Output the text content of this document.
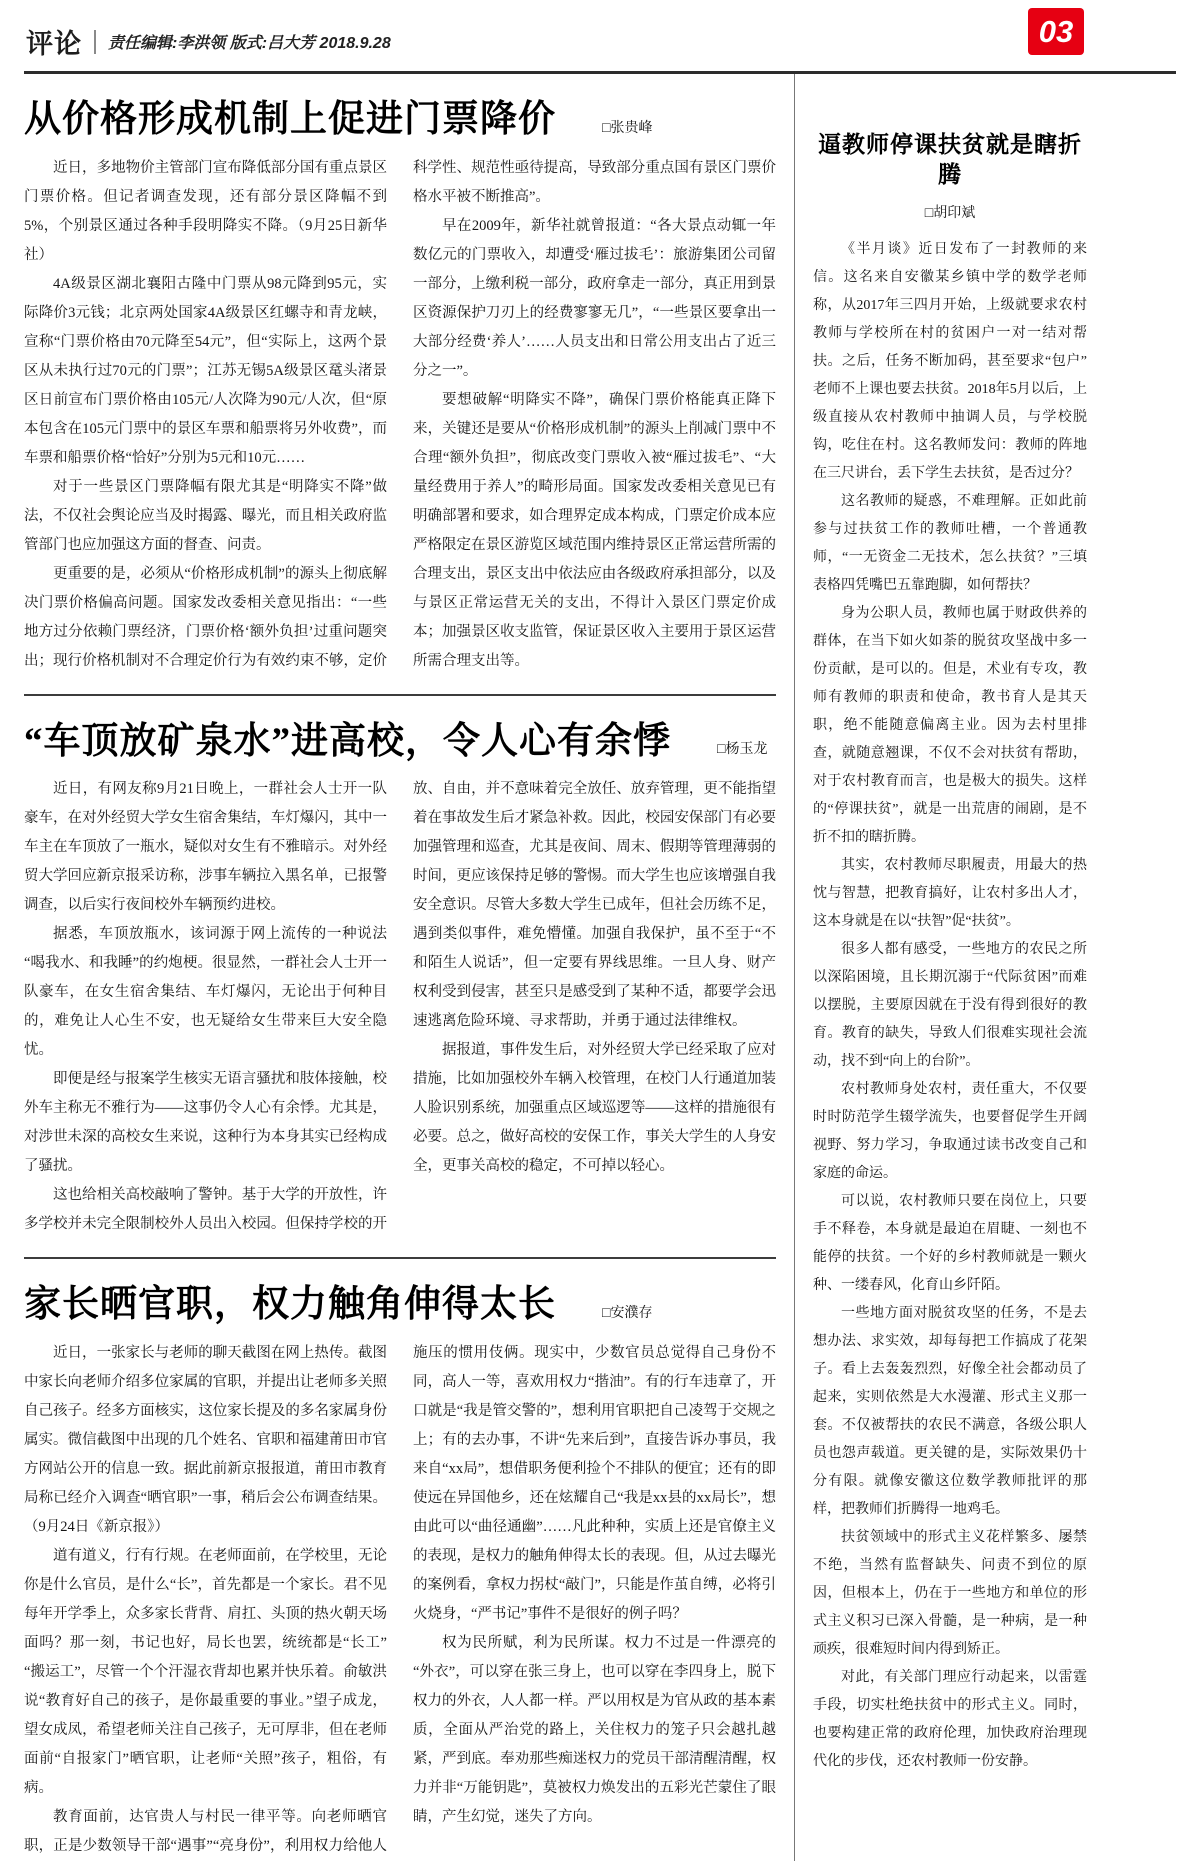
评论 责任编辑:李洪领 版式:吕大芳 2018.9.28
从价格形成机制上促进门票降价	□张贵峰

近日，多地物价主管部门宣布降低部分国有重点景区门票价格。但记者调查发现，还有部分景区降幅不到5%，个别景区通过各种手段明降实不降。（9月25日新华社）

4A级景区湖北襄阳古隆中门票从98元降到95元，实际降价3元钱；北京两处国家4A级景区红螺寺和青龙峡，宣称“门票价格由70元降至54元”，但“实际上，这两个景区从未执行过70元的门票”；江苏无锡5A级景区鼋头渚景区日前宣布门票价格由105元/人次降为90元/人次，但“原本包含在105元门票中的景区车票和船票将另外收费”，而车票和船票价格“恰好”分别为5元和10元……

对于一些景区门票降幅有限尤其是“明降实不降”做法，不仅社会舆论应当及时揭露、曝光，而且相关政府监管部门也应加强这方面的督查、问责。

更重要的是，必须从“价格形成机制”的源头上彻底解决门票价格偏高问题。国家发改委相关意见指出：“一些地方过分依赖门票经济，门票价格‘额外负担’过重问题突出；现行价格机制对不合理定价行为有效约束不够，定价科学性、规范性亟待提高，导致部分重点国有景区门票价格水平被不断推高”。

早在2009年，新华社就曾报道：“各大景点动辄一年数亿元的门票收入，却遭受‘雁过拔毛’：旅游集团公司留一部分，上缴利税一部分，政府拿走一部分，真正用到景区资源保护刀刃上的经费寥寥无几”，“一些景区要拿出一大部分经费‘养人’……人员支出和日常公用支出占了近三分之一”。

要想破解“明降实不降”，确保门票价格能真正降下来，关键还是要从“价格形成机制”的源头上削减门票中不合理“额外负担”，彻底改变门票收入被“雁过拔毛”、“大量经费用于养人”的畸形局面。国家发改委相关意见已有明确部署和要求，如合理界定成本构成，门票定价成本应严格限定在景区游览区域范围内维持景区正常运营所需的合理支出，景区支出中依法应由各级政府承担部分，以及与景区正常运营无关的支出，不得计入景区门票定价成本；加强景区收支监管，保证景区收入主要用于景区运营所需合理支出等。

“车顶放矿泉水”进高校，令人心有余悸	□杨玉龙

近日，有网友称9月21日晚上，一群社会人士开一队豪车，在对外经贸大学女生宿舍集结，车灯爆闪，其中一车主在车顶放了一瓶水，疑似对女生有不雅暗示。对外经贸大学回应新京报采访称，涉事车辆拉入黑名单，已报警调查，以后实行夜间校外车辆预约进校。

据悉，车顶放瓶水，该词源于网上流传的一种说法“喝我水、和我睡”的约炮梗。很显然，一群社会人士开一队豪车，在女生宿舍集结、车灯爆闪，无论出于何种目的，难免让人心生不安，也无疑给女生带来巨大安全隐忧。

即便是经与报案学生核实无语言骚扰和肢体接触，校外车主称无不雅行为——这事仍令人心有余悸。尤其是，对涉世未深的高校女生来说，这种行为本身其实已经构成了骚扰。

这也给相关高校敲响了警钟。基于大学的开放性，许多学校并未完全限制校外人员出入校园。但保持学校的开放、自由，并不意味着完全放任、放弃管理，更不能指望着在事故发生后才紧急补救。因此，校园安保部门有必要加强管理和巡查，尤其是夜间、周末、假期等管理薄弱的时间，更应该保持足够的警惕。而大学生也应该增强自我安全意识。尽管大多数大学生已成年，但社会历练不足，遇到类似事件，难免懵懂。加强自我保护，虽不至于“不和陌生人说话”，但一定要有界线思维。一旦人身、财产权利受到侵害，甚至只是感受到了某种不适，都要学会迅速逃离危险环境、寻求帮助，并勇于通过法律维权。

据报道，事件发生后，对外经贸大学已经采取了应对措施，比如加强校外车辆入校管理，在校门人行通道加装人脸识别系统，加强重点区域巡逻等——这样的措施很有必要。总之，做好高校的安保工作，事关大学生的人身安全，更事关高校的稳定，不可掉以轻心。

家长晒官职，权力触角伸得太长	□安濮存

近日，一张家长与老师的聊天截图在网上热传。截图中家长向老师介绍多位家属的官职，并提出让老师多关照自己孩子。经多方面核实，这位家长提及的多名家属身份属实。微信截图中出现的几个姓名、官职和福建莆田市官方网站公开的信息一致。据此前新京报报道，莆田市教育局称已经介入调查“晒官职”一事，稍后会公布调查结果。（9月24日《新京报》）

道有道义，行有行规。在老师面前，在学校里，无论你是什么官员，是什么“长”，首先都是一个家长。君不见每年开学季上，众多家长背背、肩扛、头顶的热火朝天场面吗？那一刻，书记也好，局长也罢，统统都是“长工”“搬运工”，尽管一个个汗湿衣背却也累并快乐着。俞敏洪说“教育好自己的孩子，是你最重要的事业。”望子成龙，望女成凤，希望老师关注自己孩子，无可厚非，但在老师面前“自报家门”晒官职，让老师“关照”孩子，粗俗，有病。

教育面前，达官贵人与村民一律平等。向老师晒官职，正是少数领导干部“遇事”“亮身份”，利用权力给他人施压的惯用伎俩。现实中，少数官员总觉得自己身份不同，高人一等，喜欢用权力“揩油”。有的行车违章了，开口就是“我是管交警的”，想利用官职把自己凌驾于交规之上；有的去办事，不讲“先来后到”，直接告诉办事员，我来自“xx局”，想借职务便利捡个不排队的便宜；还有的即使远在异国他乡，还在炫耀自己“我是xx县的xx局长”，想由此可以“曲径通幽”……凡此种种，实质上还是官僚主义的表现，是权力的触角伸得太长的表现。但，从过去曝光的案例看，拿权力拐杖“敲门”，只能是作茧自缚，必将引火烧身，“严书记”事件不是很好的例子吗？

权为民所赋，利为民所谋。权力不过是一件漂亮的“外衣”，可以穿在张三身上，也可以穿在李四身上，脱下权力的外衣，人人都一样。严以用权是为官从政的基本素质，全面从严治党的路上，关住权力的笼子只会越扎越紧，严到底。奉劝那些痴迷权力的党员干部清醒清醒，权力并非“万能钥匙”，莫被权力焕发出的五彩光芒蒙住了眼睛，产生幻觉，迷失了方向。

逼教师停课扶贫就是瞎折腾
□胡印斌

《半月谈》近日发布了一封教师的来信。这名来自安徽某乡镇中学的数学老师称，从2017年三四月开始，上级就要求农村教师与学校所在村的贫困户一对一结对帮扶。之后，任务不断加码，甚至要求“包户”老师不上课也要去扶贫。2018年5月以后，上级直接从农村教师中抽调人员，与学校脱钩，吃住在村。这名教师发问：教师的阵地在三尺讲台，丢下学生去扶贫，是否过分？

这名教师的疑惑，不难理解。正如此前参与过扶贫工作的教师吐槽，一个普通教师，“一无资金二无技术，怎么扶贫？”三填表格四凭嘴巴五靠跑脚，如何帮扶？

身为公职人员，教师也属于财政供养的群体，在当下如火如荼的脱贫攻坚战中多一份贡献，是可以的。但是，术业有专攻，教师有教师的职责和使命，教书育人是其天职，绝不能随意偏离主业。因为去村里排查，就随意翘课，不仅不会对扶贫有帮助，对于农村教育而言，也是极大的损失。这样的“停课扶贫”，就是一出荒唐的闹剧，是不折不扣的瞎折腾。

其实，农村教师尽职履责，用最大的热忱与智慧，把教育搞好，让农村多出人才，这本身就是在以“扶智”促“扶贫”。

很多人都有感受，一些地方的农民之所以深陷困境，且长期沉溺于“代际贫困”而难以摆脱，主要原因就在于没有得到很好的教育。教育的缺失，导致人们很难实现社会流动，找不到“向上的台阶”。

农村教师身处农村，责任重大，不仅要时时防范学生辍学流失，也要督促学生开阔视野、努力学习，争取通过读书改变自己和家庭的命运。

可以说，农村教师只要在岗位上，只要手不释卷，本身就是最迫在眉睫、一刻也不能停的扶贫。一个好的乡村教师就是一颗火种、一缕春风，化育山乡阡陌。

一些地方面对脱贫攻坚的任务，不是去想办法、求实效，却每每把工作搞成了花架子。看上去轰轰烈烈，好像全社会都动员了起来，实则依然是大水漫灌、形式主义那一套。不仅被帮扶的农民不满意，各级公职人员也怨声载道。更关键的是，实际效果仍十分有限。就像安徽这位数学教师批评的那样，把教师们折腾得一地鸡毛。

扶贫领域中的形式主义花样繁多、屡禁不绝，当然有监督缺失、问责不到位的原因，但根本上，仍在于一些地方和单位的形式主义积习已深入骨髓，是一种病，是一种顽疾，很难短时间内得到矫正。

对此，有关部门理应行动起来，以雷霆手段，切实杜绝扶贫中的形式主义。同时，也要构建正常的政府伦理，加快政府治理现代化的步伐，还农村教师一份安静。

03
